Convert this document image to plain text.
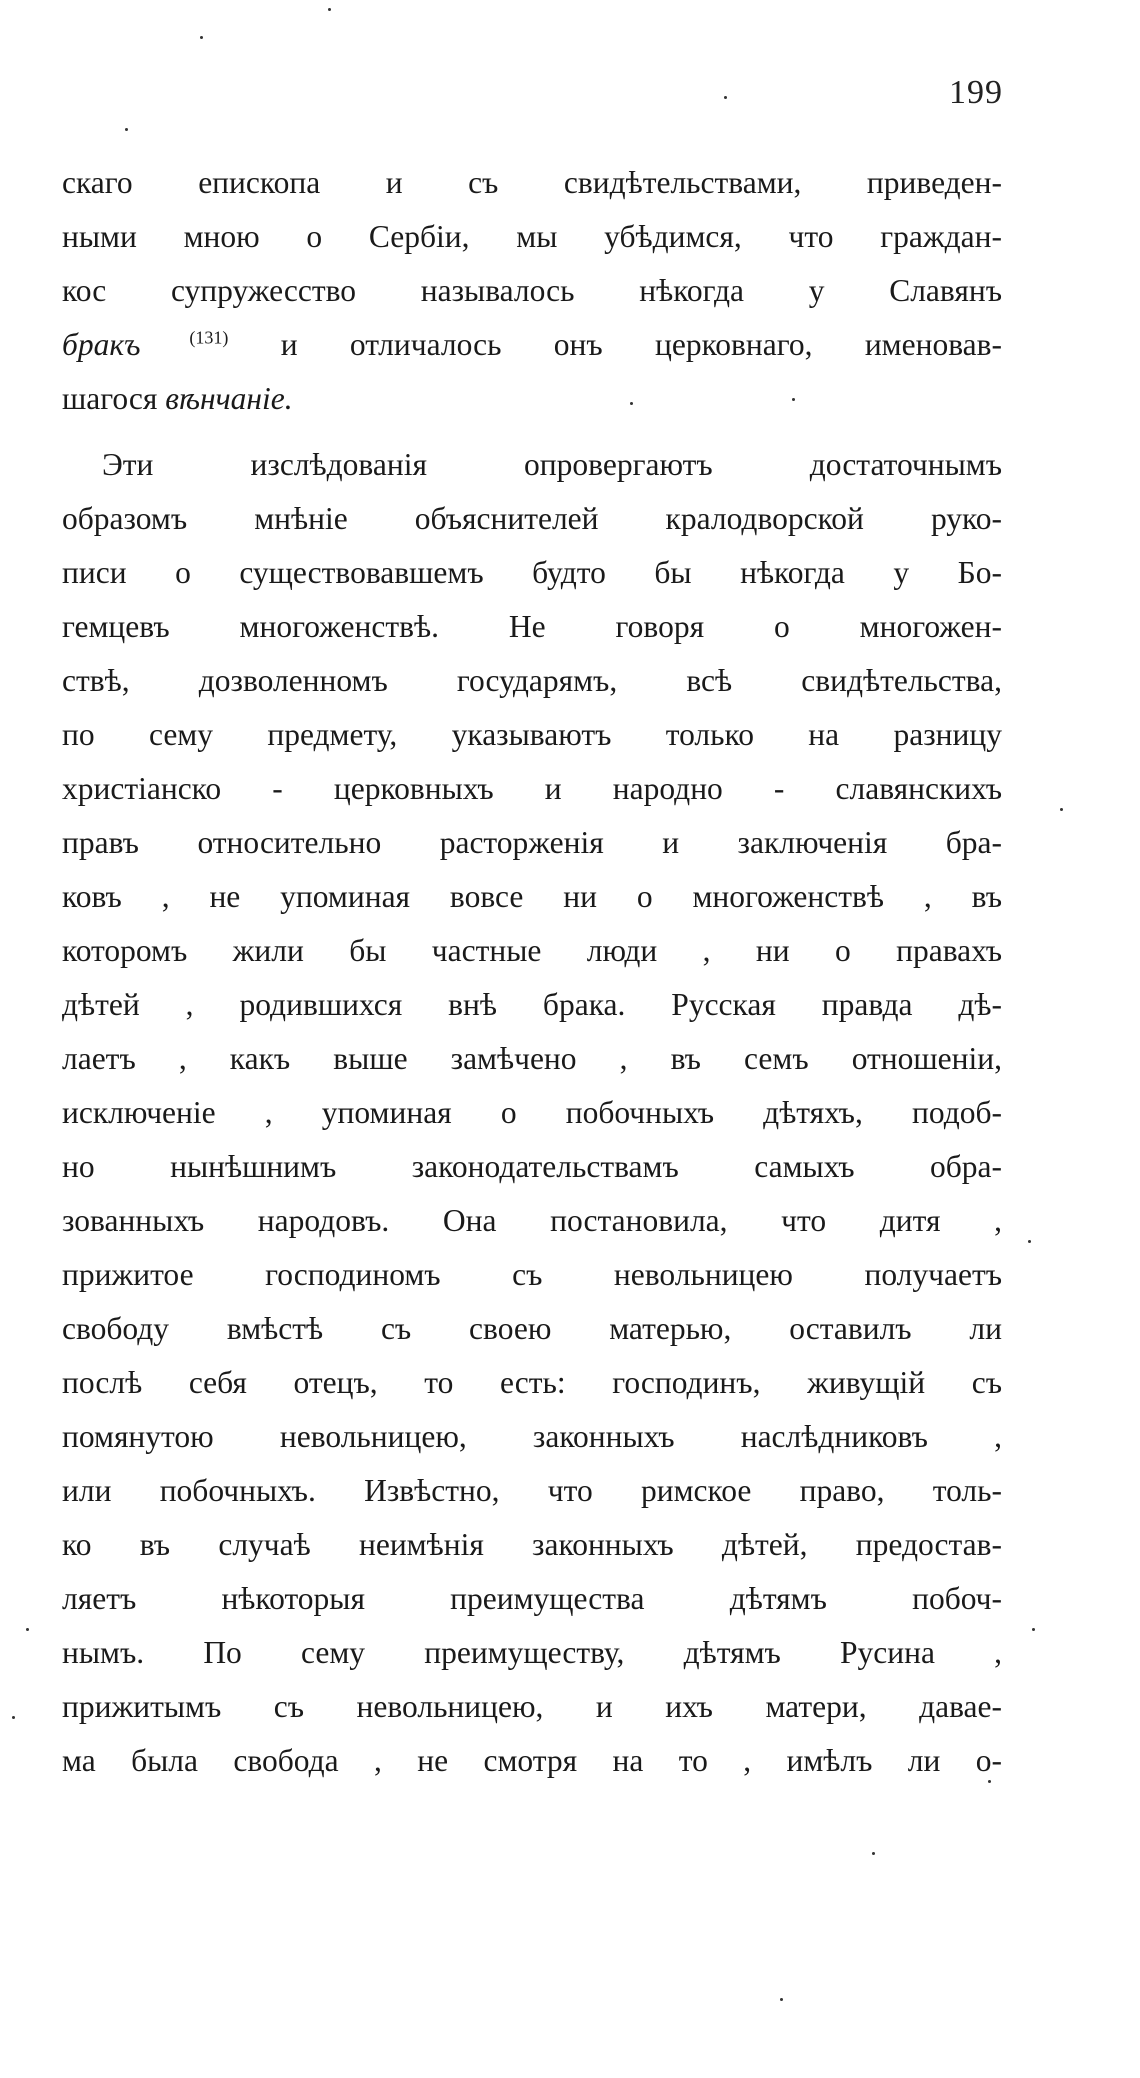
199
скаго епископа и съ свидѣтельствами, приведен-
ными мною о Сербіи, мы убѣдимся, что граждан-
кос супружесство называлось нѣкогда у Славянъ
бракъ $^{(131)}$ и отличалось онъ церковнаго, именовав-
шагося вѣнчаніе.
Эти изслѣдованія опровергаютъ достаточнымъ
образомъ мнѣніе объяснителей кралодворской руко-
писи о существовавшемъ будто бы нѣкогда у Бо-
гемцевъ многоженствѣ. Не говоря о многожен-
ствѣ, дозволенномъ государямъ, всѣ свидѣтельства,
по сему предмету, указываютъ только на разницу
христіанско - церковныхъ и народно - славянскихъ
правъ относительно расторженія и заключенія бра-
ковъ , не упоминая вовсе ни о многоженствѣ , въ
которомъ жили бы частные люди , ни о правахъ
дѣтей , родившихся внѣ брака. Русская правда дѣ-
лаетъ , какъ выше замѣчено , въ семъ отношеніи,
исключеніе , упоминая о побочныхъ дѣтяхъ, подоб-
но нынѣшнимъ законодательствамъ самыхъ обра-
зованныхъ народовъ. Она постановила, что дитя ,
прижитое господиномъ съ невольницею получаетъ
свободу вмѣстѣ съ своею матерью, оставилъ ли
послѣ себя отецъ, то есть: господинъ, живущій съ
помянутою невольницею, законныхъ наслѣдниковъ ,
или побочныхъ. Извѣстно, что римское право, толь-
ко въ случаѣ неимѣнія законныхъ дѣтей, предостав-
ляетъ нѣкоторыя преимущества дѣтямъ побоч-
нымъ. По сему преимуществу, дѣтямъ Русина ,
прижитымъ съ невольницею, и ихъ матери, давае-
ма была свобода , не смотря на то , имѣлъ ли о-
